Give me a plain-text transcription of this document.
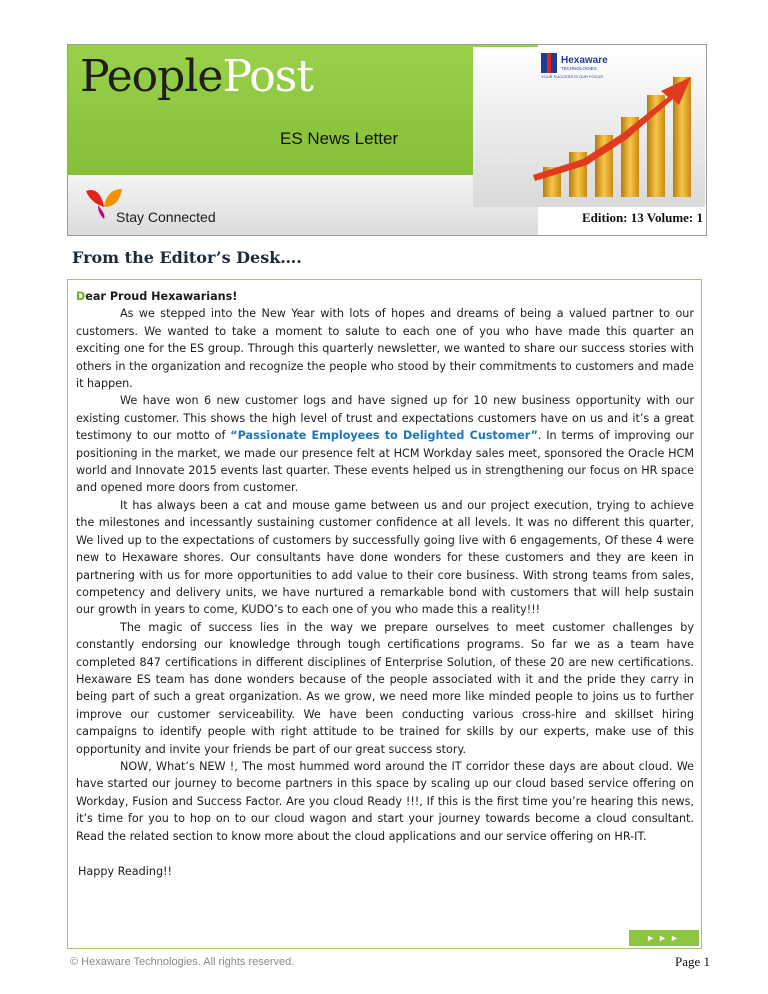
PeoplePost
ES News Letter
Stay Connected
Hexaware
TECHNOLOGIES
YOUR SUCCESS IS OUR FOCUS
Edition: 13 Volume: 1
From the Editor’s Desk….
Dear Proud Hexawarians!

As we stepped into the New Year with lots of hopes and dreams of being a valued partner to our customers. We wanted to take a moment to salute to each one of you who have made this quarter an exciting one for the ES group. Through this quarterly newsletter, we wanted to share our success stories with others in the organization and recognize the people who stood by their commitments to customers and made it happen.

We have won 6 new customer logs and have signed up for 10 new business opportunity with our existing customer. This shows the high level of trust and expectations customers have on us and it’s a great testimony to our motto of “Passionate Employees to Delighted Customer”. In terms of improving our positioning in the market, we made our presence felt at HCM Workday sales meet, sponsored the Oracle HCM world and Innovate 2015 events last quarter. These events helped us in strengthening our focus on HR space and opened more doors from customer.

It has always been a cat and mouse game between us and our project execution, trying to achieve the milestones and incessantly sustaining customer confidence at all levels. It was no different this quarter, We lived up to the expectations of customers by successfully going live with 6 engagements, Of these 4 were new to Hexaware shores. Our consultants have done wonders for these customers and they are keen in partnering with us for more opportunities to add value to their core business. With strong teams from sales, competency and delivery units, we have nurtured a remarkable bond with customers that will help sustain our growth in years to come, KUDO’s to each one of you who made this a reality!!!

The magic of success lies in the way we prepare ourselves to meet customer challenges by constantly endorsing our knowledge through tough certifications programs. So far we as a team have completed 847 certifications in different disciplines of Enterprise Solution, of these 20 are new certifications. Hexaware ES team has done wonders because of the people associated with it and the pride they carry in being part of such a great organization. As we grow, we need more like minded people to joins us to further improve our customer serviceability. We have been conducting various cross-hire and skillset hiring campaigns to identify people with right attitude to be trained for skills by our experts, make use of this opportunity and invite your friends be part of our great success story.

NOW, What’s NEW !, The most hummed word around the IT corridor these days are about cloud. We have started our journey to become partners in this space by scaling up our cloud based service offering on Workday, Fusion and Success Factor. Are you cloud Ready !!!, If this is the first time you’re hearing this news, it’s time for you to hop on to our cloud wagon and start your journey towards become a cloud consultant. Read the related section to know more about the cloud applications and our service offering on HR-IT.

Happy Reading!!
►►►
© Hexaware Technologies. All rights reserved.	Page 1
